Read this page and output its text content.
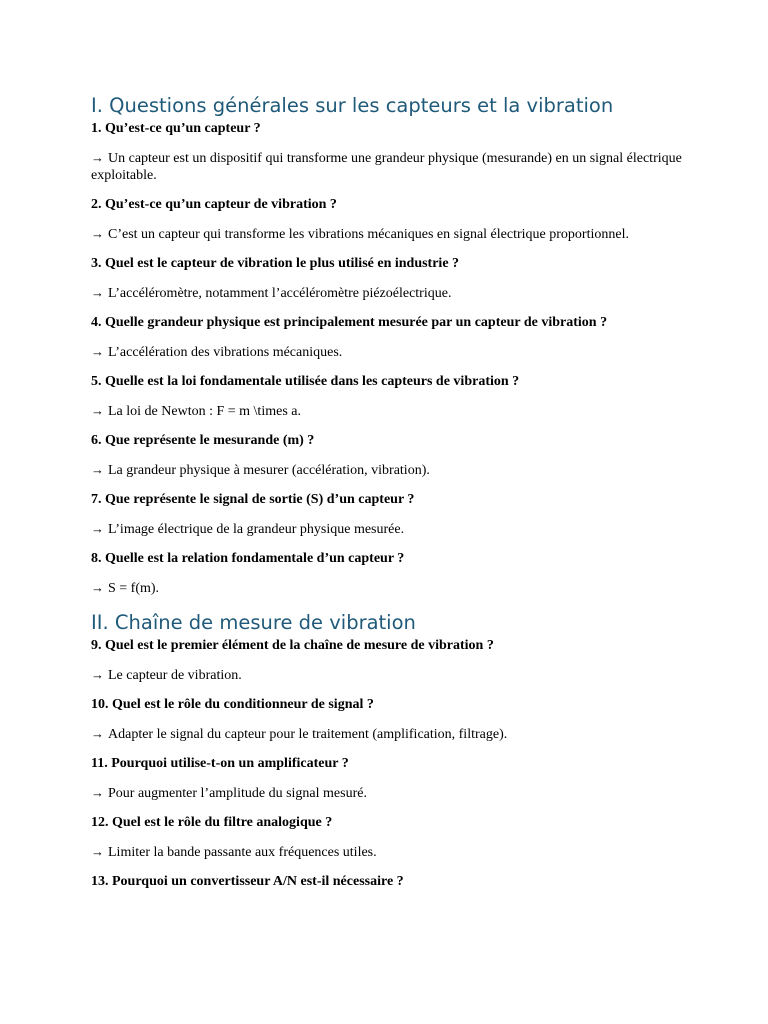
I. Questions générales sur les capteurs et la vibration

1. Qu’est-ce qu’un capteur ?

→ Un capteur est un dispositif qui transforme une grandeur physique (mesurande) en un signal électrique exploitable.

2. Qu’est-ce qu’un capteur de vibration ?

→ C’est un capteur qui transforme les vibrations mécaniques en signal électrique proportionnel.

3. Quel est le capteur de vibration le plus utilisé en industrie ?

→ L’accéléromètre, notamment l’accéléromètre piézoélectrique.

4. Quelle grandeur physique est principalement mesurée par un capteur de vibration ?

→ L’accélération des vibrations mécaniques.

5. Quelle est la loi fondamentale utilisée dans les capteurs de vibration ?

→ La loi de Newton : F = m \times a.

6. Que représente le mesurande (m) ?

→ La grandeur physique à mesurer (accélération, vibration).

7. Que représente le signal de sortie (S) d’un capteur ?

→ L’image électrique de la grandeur physique mesurée.

8. Quelle est la relation fondamentale d’un capteur ?

→ S = f(m).

II. Chaîne de mesure de vibration

9. Quel est le premier élément de la chaîne de mesure de vibration ?

→ Le capteur de vibration.

10. Quel est le rôle du conditionneur de signal ?

→ Adapter le signal du capteur pour le traitement (amplification, filtrage).

11. Pourquoi utilise-t-on un amplificateur ?

→ Pour augmenter l’amplitude du signal mesuré.

12. Quel est le rôle du filtre analogique ?

→ Limiter la bande passante aux fréquences utiles.

13. Pourquoi un convertisseur A/N est-il nécessaire ?
